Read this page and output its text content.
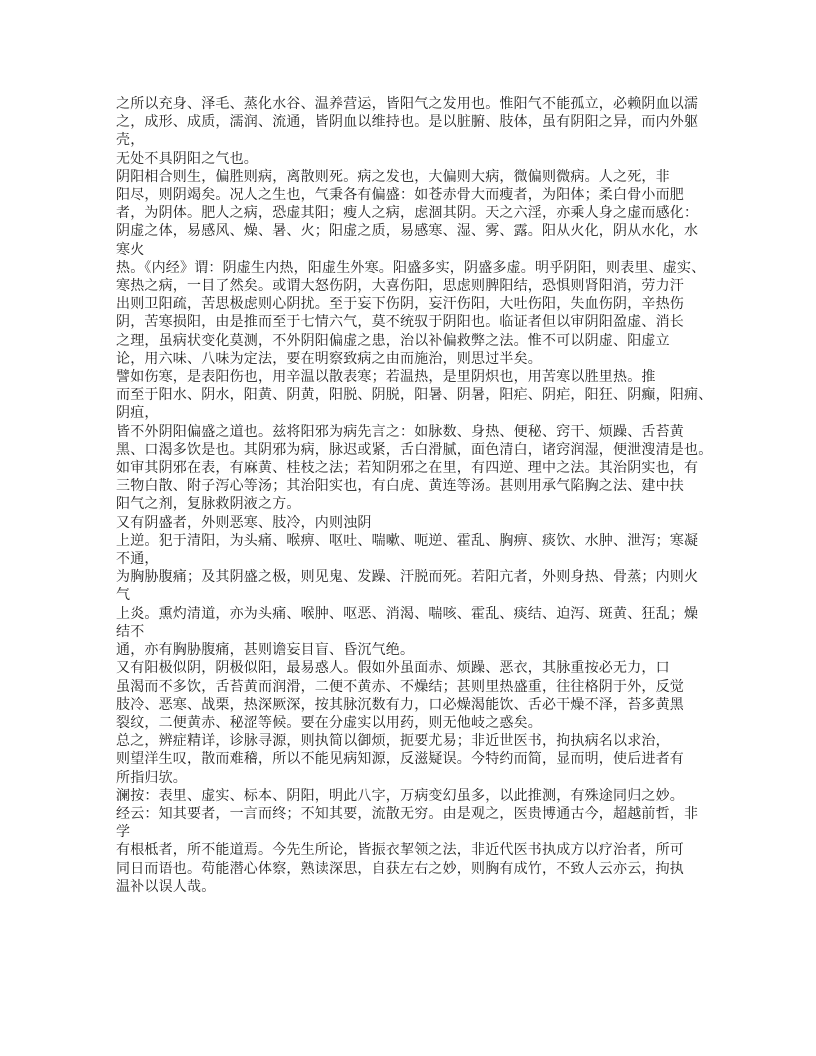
之所以充身、泽毛、蒸化水谷、温养营运，皆阳气之发用也。惟阳气不能孤立，必赖阴血以濡
之，成形、成质，濡润、流通，皆阴血以维持也。是以脏腑、肢体，虽有阴阳之异，而内外躯
壳，
无处不具阴阳之气也。
阴阳相合则生，偏胜则病，离散则死。病之发也，大偏则大病，微偏则微病。人之死，非
阳尽，则阴竭矣。况人之生也，气秉各有偏盛：如苍赤骨大而瘦者，为阳体；柔白骨小而肥
者，为阴体。肥人之病，恐虚其阳；瘦人之病，虑涸其阴。天之六淫，亦乘人身之虚而感化：
阴虚之体，易感风、燥、暑、火；阳虚之质，易感寒、湿、雾、露。阳从火化，阴从水化，水
寒火
热。《内经》谓：阴虚生内热，阳虚生外寒。阳盛多实，阴盛多虚。明乎阴阳，则表里、虚实、
寒热之病，一目了然矣。或谓大怒伤阴，大喜伤阳，思虑则脾阳结，恐惧则肾阳消，劳力汗
出则卫阳疏，苦思极虑则心阴扰。至于妄下伤阴，妄汗伤阳，大吐伤阳，失血伤阴，辛热伤
阴，苦寒损阳，由是推而至于七情六气，莫不统驭于阴阳也。临证者但以审阴阳盈虚、消长
之理，虽病状变化莫测，不外阴阳偏虚之患，治以补偏救弊之法。惟不可以阴虚、阳虚立
论，用六味、八味为定法，要在明察致病之由而施治，则思过半矣。
譬如伤寒，是表阳伤也，用辛温以散表寒；若温热，是里阴炽也，用苦寒以胜里热。推
而至于阳水、阴水，阳黄、阴黄，阳脱、阴脱，阳暑、阴暑，阳疟、阴疟，阳狂、阴癫，阳痈、
阴疽，
皆不外阴阳偏盛之道也。兹将阳邪为病先言之：如脉数、身热、便秘、窍干、烦躁、舌苔黄
黑、口渴多饮是也。其阴邪为病，脉迟或紧，舌白滑腻，面色清白，诸窍润湿，便泄溲清是也。
如审其阴邪在表，有麻黄、桂枝之法；若知阴邪之在里，有四逆、理中之法。其治阴实也，有
三物白散、附子泻心等汤；其治阳实也，有白虎、黄连等汤。甚则用承气陷胸之法、建中扶
阳气之剂，复脉救阴液之方。
又有阴盛者，外则恶寒、肢冷，内则浊阴
上逆。犯于清阳，为头痛、喉痹、呕吐、喘嗽、呃逆、霍乱、胸痹、痰饮、水肿、泄泻；寒凝
不通，
为胸胁腹痛；及其阴盛之极，则见鬼、发躁、汗脱而死。若阳亢者，外则身热、骨蒸；内则火
气
上炎。熏灼清道，亦为头痛、喉肿、呕恶、消渴、喘咳、霍乱、痰结、迫泻、斑黄、狂乱；燥
结不
通，亦有胸胁腹痛，甚则谵妄目盲、昏沉气绝。
又有阳极似阴，阴极似阳，最易惑人。假如外虽面赤、烦躁、恶衣，其脉重按必无力，口
虽渴而不多饮，舌苔黄而润滑，二便不黄赤、不燥结；甚则里热盛重，往往格阴于外，反觉
肢冷、恶寒、战栗，热深厥深，按其脉沉数有力，口必燥渴能饮、舌必干燥不泽，苔多黄黑
裂纹，二便黄赤、秘涩等候。要在分虚实以用药，则无他岐之惑矣。
总之，辨症精详，诊脉寻源，则执简以御烦，扼要尤易；非近世医书，拘执病名以求治，
则望洋生叹，散而难稽，所以不能见病知源，反滋疑误。今特约而简，显而明，使后进者有
所指归欤。
澜按：表里、虚实、标本、阴阳，明此八字，万病变幻虽多，以此推测，有殊途同归之妙。
经云：知其要者，一言而终；不知其要，流散无穷。由是观之，医贵博通古今，超越前哲，非
学
有根柢者，所不能道焉。今先生所论，皆振衣挈领之法，非近代医书执成方以疗治者，所可
同日而语也。苟能潜心体察，熟读深思，自获左右之妙，则胸有成竹，不致人云亦云，拘执
温补以误人哉。
